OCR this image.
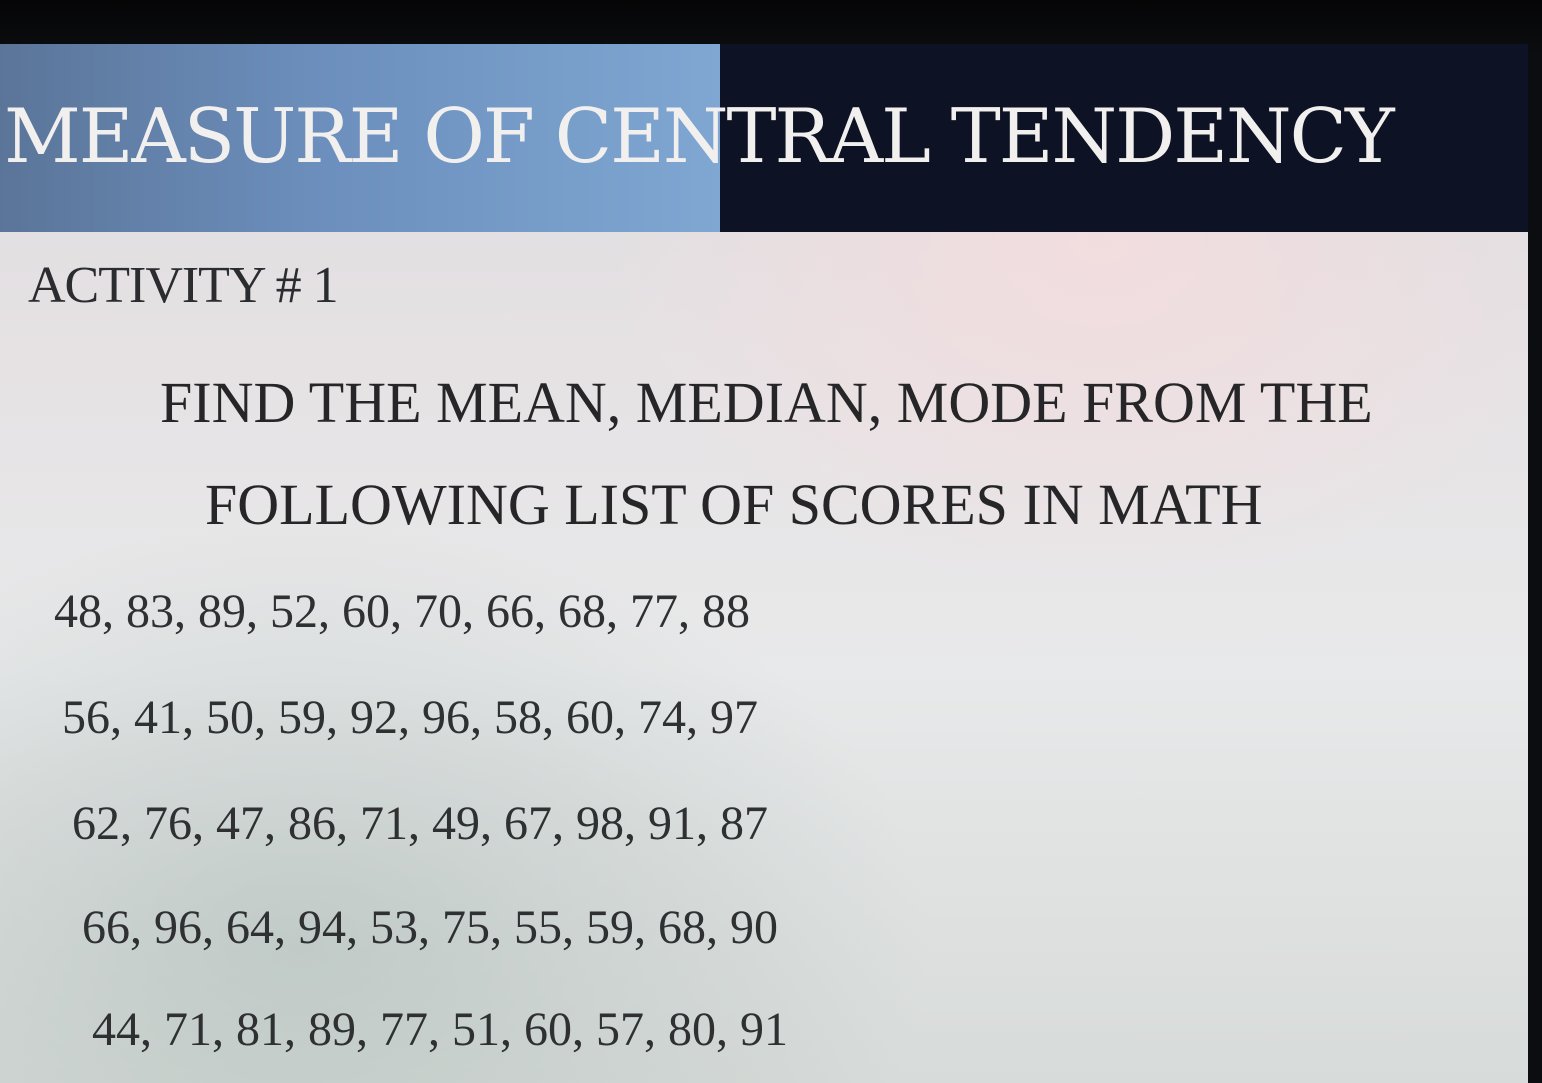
MEASURE OF CENTRAL TENDENCY

ACTIVITY # 1

FIND THE MEAN, MEDIAN, MODE FROM THE

FOLLOWING LIST OF SCORES IN MATH

48, 83, 89, 52, 60, 70, 66, 68, 77, 88

56, 41, 50, 59, 92, 96, 58, 60, 74, 97

62, 76, 47, 86, 71, 49, 67, 98, 91, 87

66, 96, 64, 94, 53, 75, 55, 59, 68, 90

44, 71, 81, 89, 77, 51, 60, 57, 80, 91
